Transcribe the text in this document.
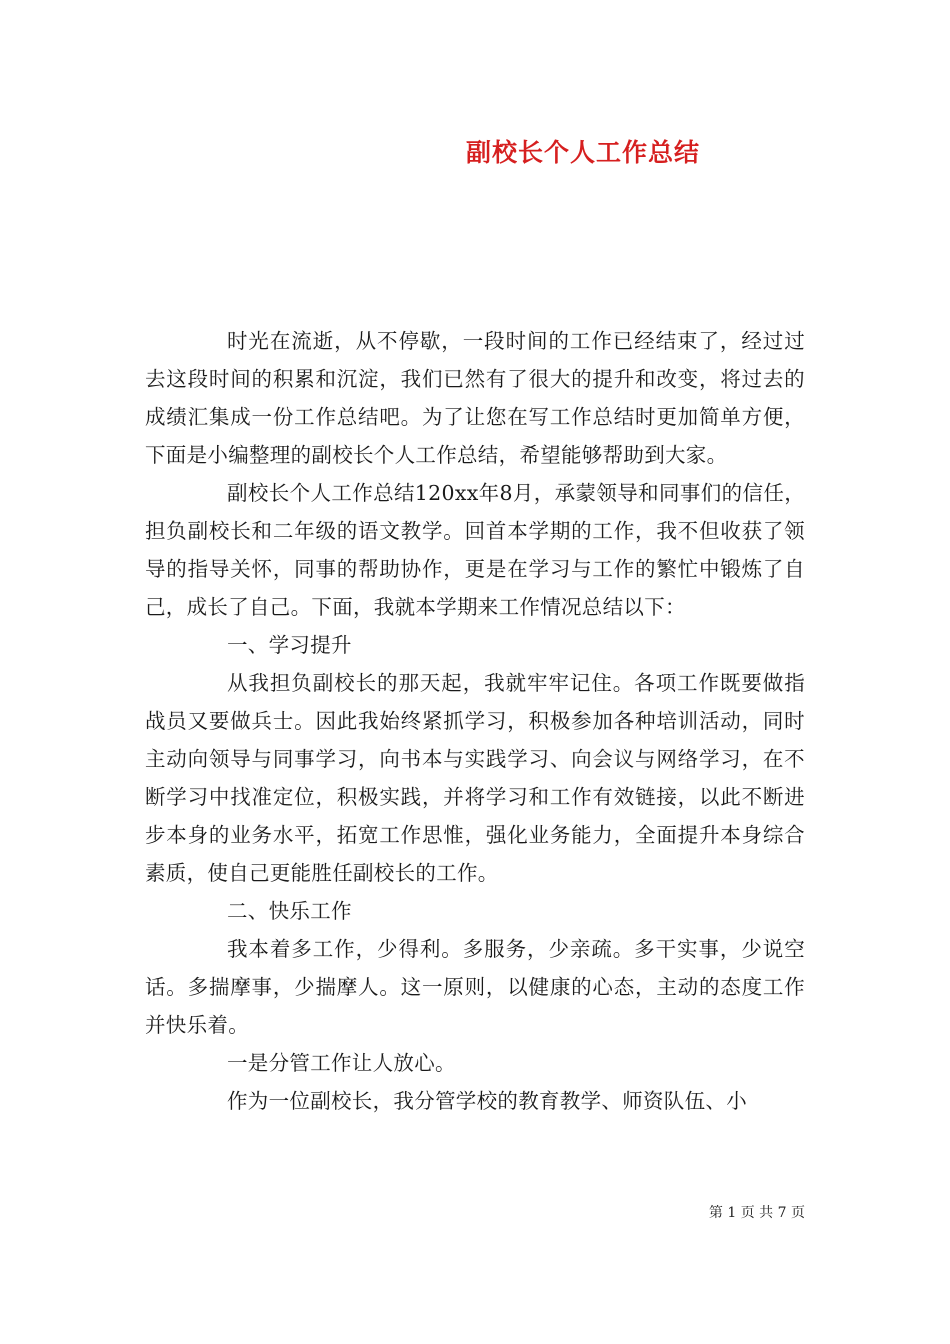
副校长个人工作总结

时光在流逝，从不停歇，一段时间的工作已经结束了，经过过去这段时间的积累和沉淀，我们已然有了很大的提升和改变，将过去的成绩汇集成一份工作总结吧。为了让您在写工作总结时更加简单方便，下面是小编整理的副校长个人工作总结，希望能够帮助到大家。

副校长个人工作总结120xx年8月，承蒙领导和同事们的信任，担负副校长和二年级的语文教学。回首本学期的工作，我不但收获了领导的指导关怀，同事的帮助协作，更是在学习与工作的繁忙中锻炼了自己，成长了自己。下面，我就本学期来工作情况总结以下：

一、学习提升

从我担负副校长的那天起，我就牢牢记住。各项工作既要做指战员又要做兵士。因此我始终紧抓学习，积极参加各种培训活动，同时主动向领导与同事学习，向书本与实践学习、向会议与网络学习，在不断学习中找准定位，积极实践，并将学习和工作有效链接，以此不断进步本身的业务水平，拓宽工作思惟，强化业务能力，全面提升本身综合素质，使自己更能胜任副校长的工作。

二、快乐工作

我本着多工作，少得利。多服务，少亲疏。多干实事，少说空话。多揣摩事，少揣摩人。这一原则，以健康的心态，主动的态度工作并快乐着。

一是分管工作让人放心。

作为一位副校长，我分管学校的教育教学、师资队伍、小

第 1 页 共 7 页
